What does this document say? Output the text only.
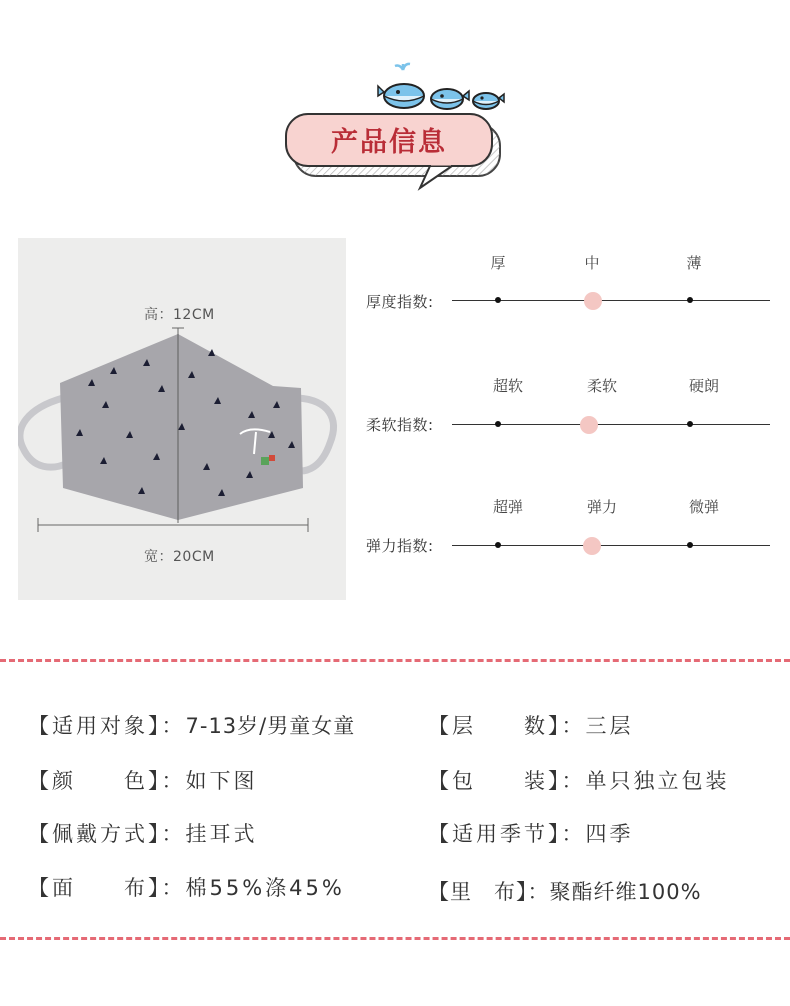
产品信息
高：12CM
宽：20CM
厚	中	薄
厚度指数:
超软	柔软	硬朗
柔软指数:
超弹	弹力	微弹
弹力指数:
【适用对象】：7-13岁/男童女童	【层　　数】：三层
【颜　　色】：如下图	【包　　装】：单只独立包装
【佩戴方式】：挂耳式	【适用季节】：四季
【面　　布】：棉55%涤45%	【里　布】：聚酯纤维100%
